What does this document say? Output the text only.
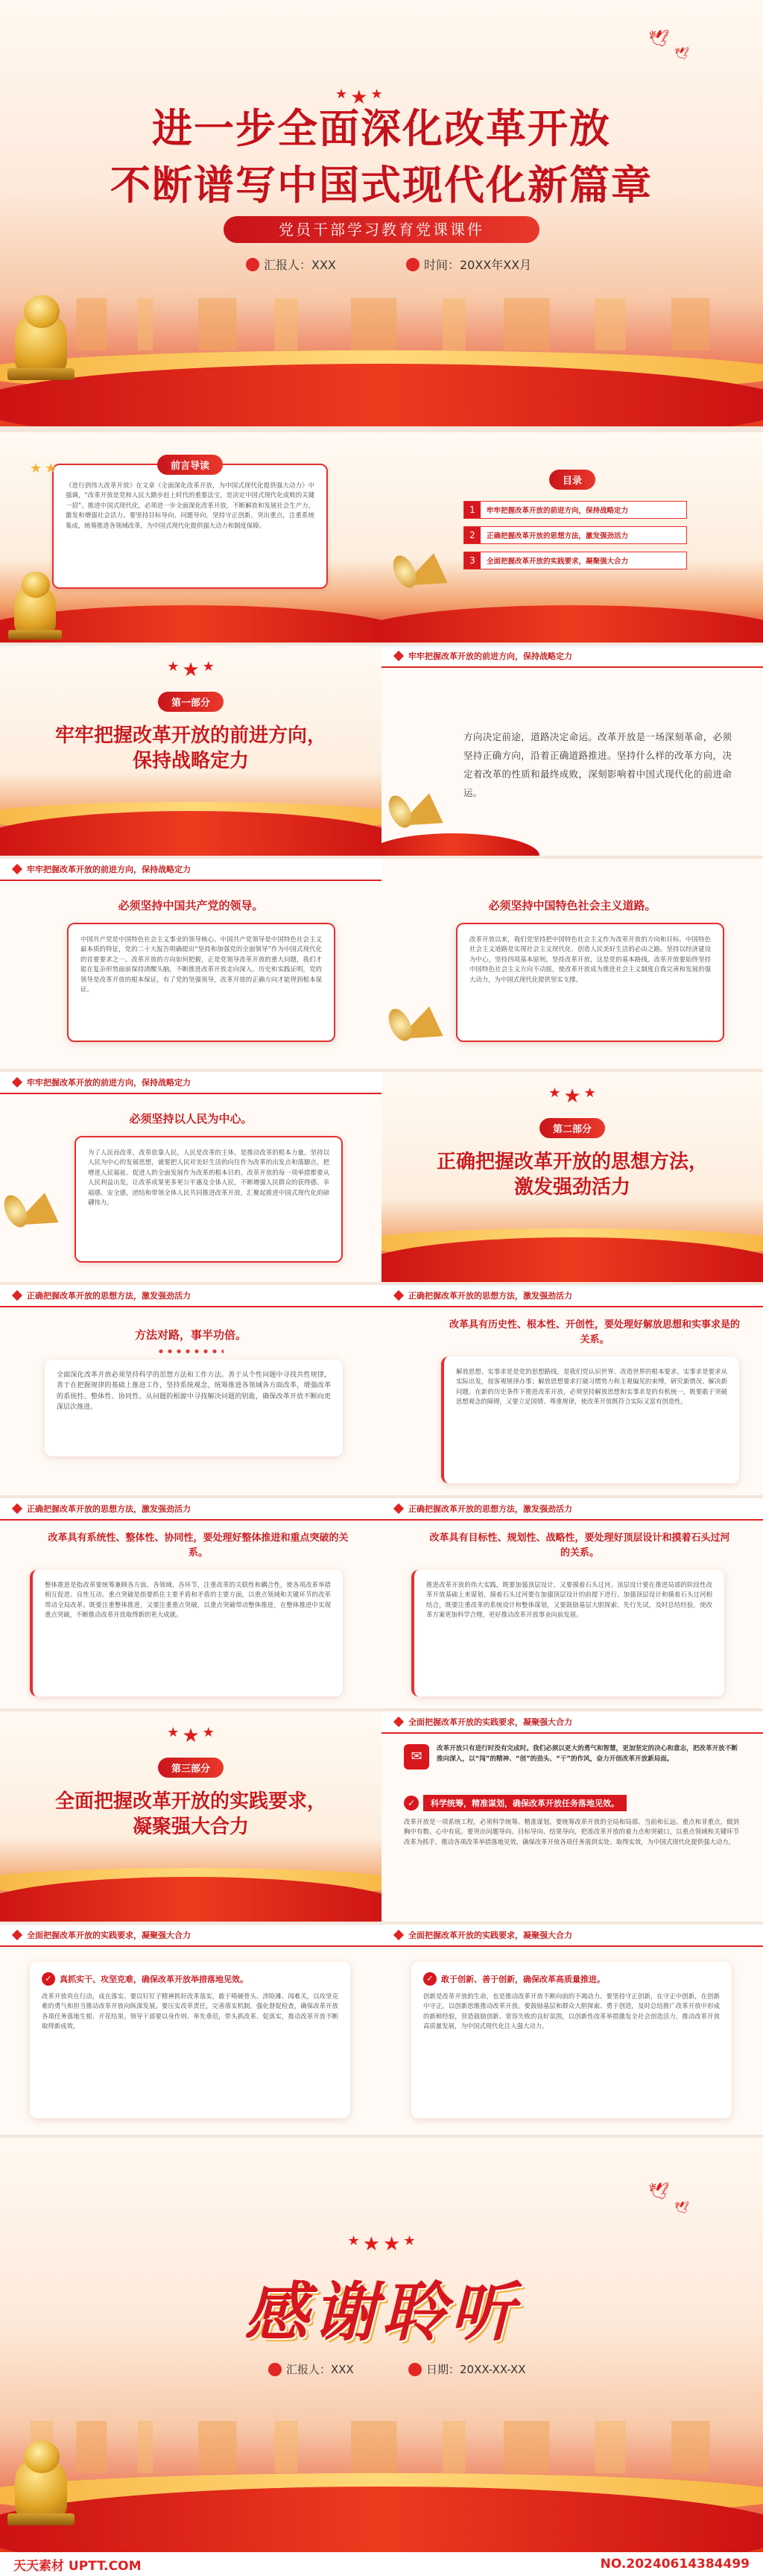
🕊
🕊
★ ★ ★
进一步全面深化改革开放
不断谱写中国式现代化新篇章
党员干部学习教育党课课件
汇报人：XXX	时间：20XX年XX月
前言导读
《进行到伟大改革开放》在文章《全面深化改革开放，为中国式现代化提供强大动力》中强调，“改革开放是党和人民大踏步赶上时代的重要法宝，是决定中国式现代化成败的关键一招”。推进中国式现代化，必须进一步全面深化改革开放，不断解放和发展社会生产力，激发和增强社会活力。要坚持目标导向、问题导向，坚持守正创新，突出重点，注重系统集成，统筹推进各领域改革，为中国式现代化提供强大动力和制度保障。
★ ★
目录
1	牢牢把握改革开放的前进方向，保持战略定力
2	正确把握改革开放的思想方法，激发强劲活力
3	全面把握改革开放的实践要求，凝聚强大合力
★ ★ ★
第一部分
牢牢把握改革开放的前进方向，
保持战略定力
牢牢把握改革开放的前进方向，保持战略定力
方向决定前途，道路决定命运。改革开放是一场深刻革命，必须坚持正确方向，沿着正确道路推进。坚持什么样的改革方向，决定着改革的性质和最终成败，深刻影响着中国式现代化的前进命运。
牢牢把握改革开放的前进方向，保持战略定力
必须坚持中国共产党的领导。
中国共产党是中国特色社会主义事业的领导核心。中国共产党领导是中国特色社会主义最本质的特征，党的二十大报告明确提出“坚持和加强党的全面领导”作为中国式现代化的首要要求之一。改革开放的方向如何把握，正是党领导改革开放的重大问题，我们才能在复杂形势面前保持清醒头脑，不断推进改革开放走向深入。历史和实践证明，党的领导是改革开放的根本保证，有了党的坚强领导，改革开放的正确方向才能得到根本保证。
必须坚持中国特色社会主义道路。
改革开放以来，我们党坚持把中国特色社会主义作为改革开放的方向和目标。中国特色社会主义道路是实现社会主义现代化、创造人民美好生活的必由之路。坚持以经济建设为中心，坚持四项基本原则，坚持改革开放，这是党的基本路线。改革开放要始终坚持中国特色社会主义方向不动摇，使改革开放成为推进社会主义制度自我完善和发展的强大动力，为中国式现代化提供坚实支撑。
牢牢把握改革开放的前进方向，保持战略定力
必须坚持以人民为中心。
为了人民而改革，改革依靠人民。人民是改革的主体，是推动改革的根本力量。坚持以人民为中心的发展思想，就要把人民对美好生活的向往作为改革的出发点和落脚点，把增进人民福祉、促进人的全面发展作为改革的根本目的。改革开放的每一项举措都要从人民利益出发，让改革成果更多更公平惠及全体人民，不断增强人民群众的获得感、幸福感、安全感，团结和带领全体人民共同推进改革开放，汇聚起推进中国式现代化的磅礴伟力。
★ ★ ★
第二部分
正确把握改革开放的思想方法，
激发强劲活力
正确把握改革开放的思想方法，激发强劲活力
方法对路，事半功倍。
全面深化改革开放必须坚持科学的思想方法和工作方法。善于从个性问题中寻找共性规律，善于在把握规律的基础上推进工作，坚持系统观念，统筹推进各领域各方面改革，增强改革的系统性、整体性、协同性。从问题的根源中寻找解决问题的钥匙，确保改革开放不断向更深层次推进。
正确把握改革开放的思想方法，激发强劲活力
改革具有历史性、根本性、开创性，要处理好解放思想和实事求是的关系。
解放思想、实事求是是党的思想路线，是我们党认识世界、改造世界的根本要求。实事求是要求从实际出发，按客观规律办事；解放思想要求打破习惯势力和主观偏见的束缚，研究新情况、解决新问题。在新的历史条件下推进改革开放，必须坚持解放思想和实事求是的有机统一，既要敢于突破思想观念的障碍，又要立足国情、尊重规律，使改革开放既符合实际又富有创造性。
正确把握改革开放的思想方法，激发强劲活力
改革具有系统性、整体性、协同性，要处理好整体推进和重点突破的关系。
整体推进是指改革要统筹兼顾各方面、各领域、各环节，注重改革的关联性和耦合性，使各项改革举措相互促进、良性互动。重点突破是指要抓住主要矛盾和矛盾的主要方面，以重点领域和关键环节的改革带动全局改革。既要注重整体推进，又要注重重点突破，以重点突破带动整体推进，在整体推进中实现重点突破，不断推动改革开放取得新的更大成就。
正确把握改革开放的思想方法，激发强劲活力
改革具有目标性、规划性、战略性，要处理好顶层设计和摸着石头过河的关系。
推进改革开放的伟大实践，既要加强顶层设计，又要摸着石头过河。顶层设计要在推进局部的阶段性改革开放基础上来谋划，摸着石头过河要在加强顶层设计的前提下进行。加强顶层设计和摸着石头过河相结合，既要注重改革的系统设计和整体谋划，又要鼓励基层大胆探索、先行先试，及时总结经验，使改革方案更加科学合理，更好推动改革开放事业向前发展。
★ ★ ★
第三部分
全面把握改革开放的实践要求，
凝聚强大合力
全面把握改革开放的实践要求，凝聚强大合力
✉	改革开放只有进行时没有完成时。我们必须以更大的勇气和智慧，更加坚定的决心和意志，把改革开放不断推向深入，以“闯”的精神、“创”的劲头、“干”的作风，奋力开创改革开放新局面。
✓	科学统筹，精准谋划，确保改革开放任务落地见效。
改革开放是一项系统工程，必须科学统筹、精准谋划。要统筹改革开放的全局和局部、当前和长远、重点和非重点，做到胸中有数、心中有底。要突出问题导向、目标导向、结果导向，把准改革开放的着力点和突破口，以重点领域和关键环节改革为抓手，推动各项改革举措落地见效，确保改革开放各项任务落到实处、取得实效，为中国式现代化提供强大动力。
全面把握改革开放的实践要求，凝聚强大合力
✓ 真抓实干、攻坚克难，确保改革开放举措落地见效。
改革开放贵在行动，成在落实。要以钉钉子精神抓好改革落实，敢于啃硬骨头、涉险滩、闯难关，以攻坚克难的勇气和担当推动改革开放向纵深发展。要压实改革责任，完善落实机制，强化督促检查，确保改革开放各项任务落地生根、开花结果。领导干部要以身作则、率先垂范，带头抓改革、促落实，推动改革开放不断取得新成效。
全面把握改革开放的实践要求，凝聚强大合力
✓ 敢于创新、善于创新，确保改革高质量推进。
创新是改革开放的生命，也是推动改革开放不断向前的不竭动力。要坚持守正创新，在守正中创新，在创新中守正，以创新思维推动改革开放。要鼓励基层和群众大胆探索、勇于创造，及时总结推广改革开放中形成的新鲜经验，营造鼓励创新、宽容失败的良好氛围，以创新性改革举措激发全社会创造活力，推动改革开放高质量发展，为中国式现代化注入强大动力。
🕊
🕊
★ ★ ★ ★
感谢聆听
汇报人：XXX	日期：20XX-XX-XX
天天素材 UPTT.COM	NO.20240614384499
